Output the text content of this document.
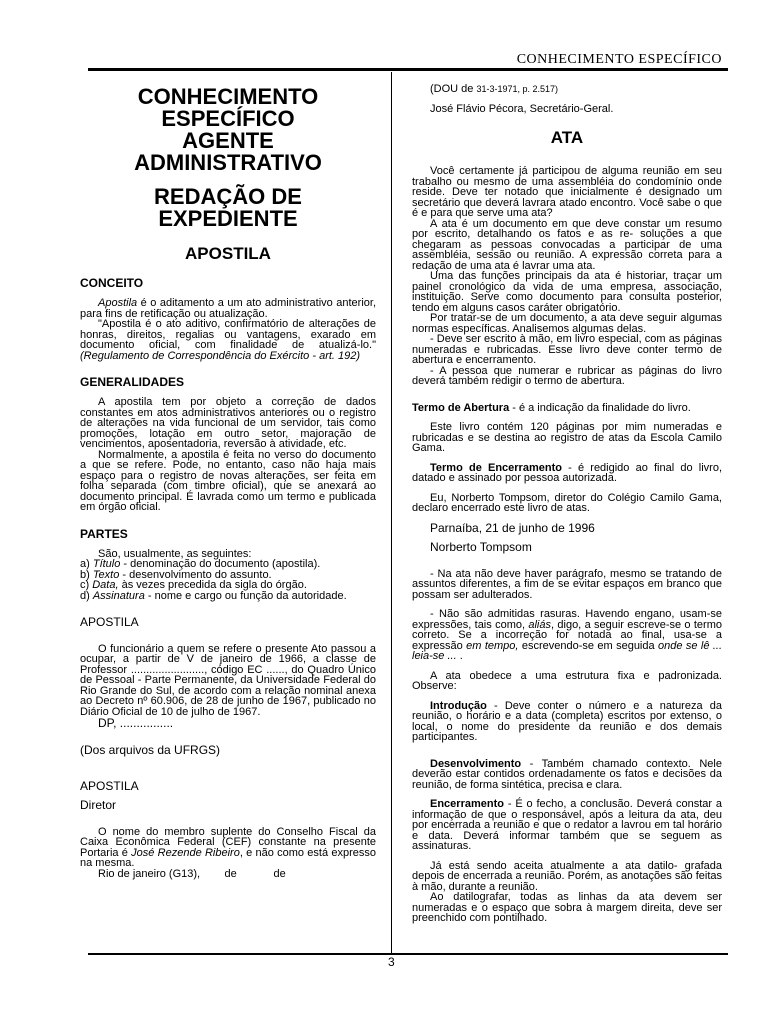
CONHECIMENTO ESPECÍFICO
3

CONHECIMENTO

ESPECÍFICO

AGENTE

ADMINISTRATIVO

REDAÇÃO DE

EXPEDIENTE

APOSTILA
CONCEITO

Apostila é o aditamento a um ato administrativo anterior, para fins de retificação ou atualização.

"Apostila é o ato aditivo, confirmatório de alterações de honras, direitos, regalias ou vantagens, exarado em documento oficial, com finalidade de atualizá-lo." (Regulamento de Correspondência do Exército - art. 192)

GENERALIDADES

A apostila tem por objeto a correção de dados constantes em atos administrativos anteriores ou o registro de alterações na vida funcional de um servidor, tais como promoções, lotação em outro setor, majoração de vencimentos, aposentadoria, reversão à atividade, etc.

Normalmente, a apostila é feita no verso do documento a que se refere. Pode, no entanto, caso não haja mais espaço para o registro de novas alterações, ser feita em folha separada (com timbre oficial), que se anexará ao documento principal. É lavrada como um termo e publicada em órgão oficial.

PARTES

São, usualmente, as seguintes:

a) Título - denominação do documento (apostila).

b) Texto - desenvolvimento do assunto.

c) Data, às vezes precedida da sigla do órgão.

d) Assinatura - nome e cargo ou função da autoridade.

APOSTILA

O funcionário a quem se refere o presente Ato passou a ocupar, a partir de V de janeiro de 1966, a classe de Professor ........................, código EC ......, do Quadro Único de Pessoal - Parte Permanente, da Universidade Federal do Rio Grande do Sul, de acordo com a relação nominal anexa ao Decreto nº 60.906, de 28 de junho de 1967, publicado no Diário Oficial de 10 de julho de 1967.

DP, ................

(Dos arquivos da UFRGS)

APOSTILA

Diretor

O nome do membro suplente do Conselho Fiscal da Caixa Econômica Federal (CEF) constante na presente Portaria é José Rezende Ribeiro, e não como está expresso na mesma.

Rio de janeiro (G13),        de            de

(DOU de 31-3-1971, p. 2.517)

José Flávio Pécora, Secretário-Geral.

ATA

Você certamente já participou de alguma reunião em seu trabalho ou mesmo de uma assembléia do condomínio onde reside. Deve ter notado que inicialmente é designado um secretário que deverá lavrara atado encontro. Você sabe o que é e para que serve uma ata?

A ata é um documento em que deve constar um resumo por escrito, detalhando os fatos e as re- soluções a que chegaram as pessoas convocadas a participar de uma assembléia, sessão ou reunião. A expressão correta para a redação de uma ata é lavrar uma ata.

Uma das funções principais da ata é historiar, traçar um painel cronológico da vida de uma empresa, associação, instituição. Serve como documento para consulta posterior, tendo em alguns casos caráter obrigatório.

Por tratar-se de um documento, a ata deve seguir algumas normas específicas. Analisemos algumas delas.

- Deve ser escrito à mão, em livro especial, com as páginas numeradas e rubricadas. Esse livro deve conter termo de abertura e encerramento.

- A pessoa que numerar e rubricar as páginas do livro deverá também redigir o termo de abertura.

Termo de Abertura - é a indicação da finalidade do livro.

Este livro contém 120 páginas por mim numeradas e rubricadas e se destina ao registro de atas da Escola Camilo Gama.

Termo de Encerramento - é redigido ao final do livro, datado e assinado por pessoa autorizada.

Eu, Norberto Tompsom, diretor do Colégio Camilo Gama, declaro encerrado este livro de atas.

Parnaíba, 21 de junho de 1996

Norberto Tompsom

- Na ata não deve haver parágrafo, mesmo se tratando de assuntos diferentes, a fim de se evitar espaços em branco que possam ser adulterados.

- Não são admitidas rasuras. Havendo engano, usam-se expressões, tais como, aliás, digo, a seguir escreve-se o termo correto. Se a incorreção for notada ao final, usa-se a expressão em tempo, escrevendo-se em seguida onde se lê ... leia-se ... .

A ata obedece a uma estrutura fixa e padronizada. Observe:

Introdução - Deve conter o número e a natureza da reunião, o horário e a data (completa) escritos por extenso, o local, o nome do presidente da reunião e dos demais participantes.

Desenvolvimento - Também chamado contexto. Nele deverão estar contidos ordenadamente os fatos e decisões da reunião, de forma sintética, precisa e clara.

Encerramento - É o fecho, a conclusão. Deverá constar a informação de que o responsável, após a leitura da ata, deu por encerrada a reunião e que o redator a lavrou em tal horário e data. Deverá informar também que se seguem as assinaturas.

Já está sendo aceita atualmente a ata datilo- grafada depois de encerrada a reunião. Porém, as anotações são feitas à mão, durante a reunião.

Ao datilografar, todas as linhas da ata devem ser numeradas e o espaço que sobra à margem direita, deve ser preenchido com pontilhado.
